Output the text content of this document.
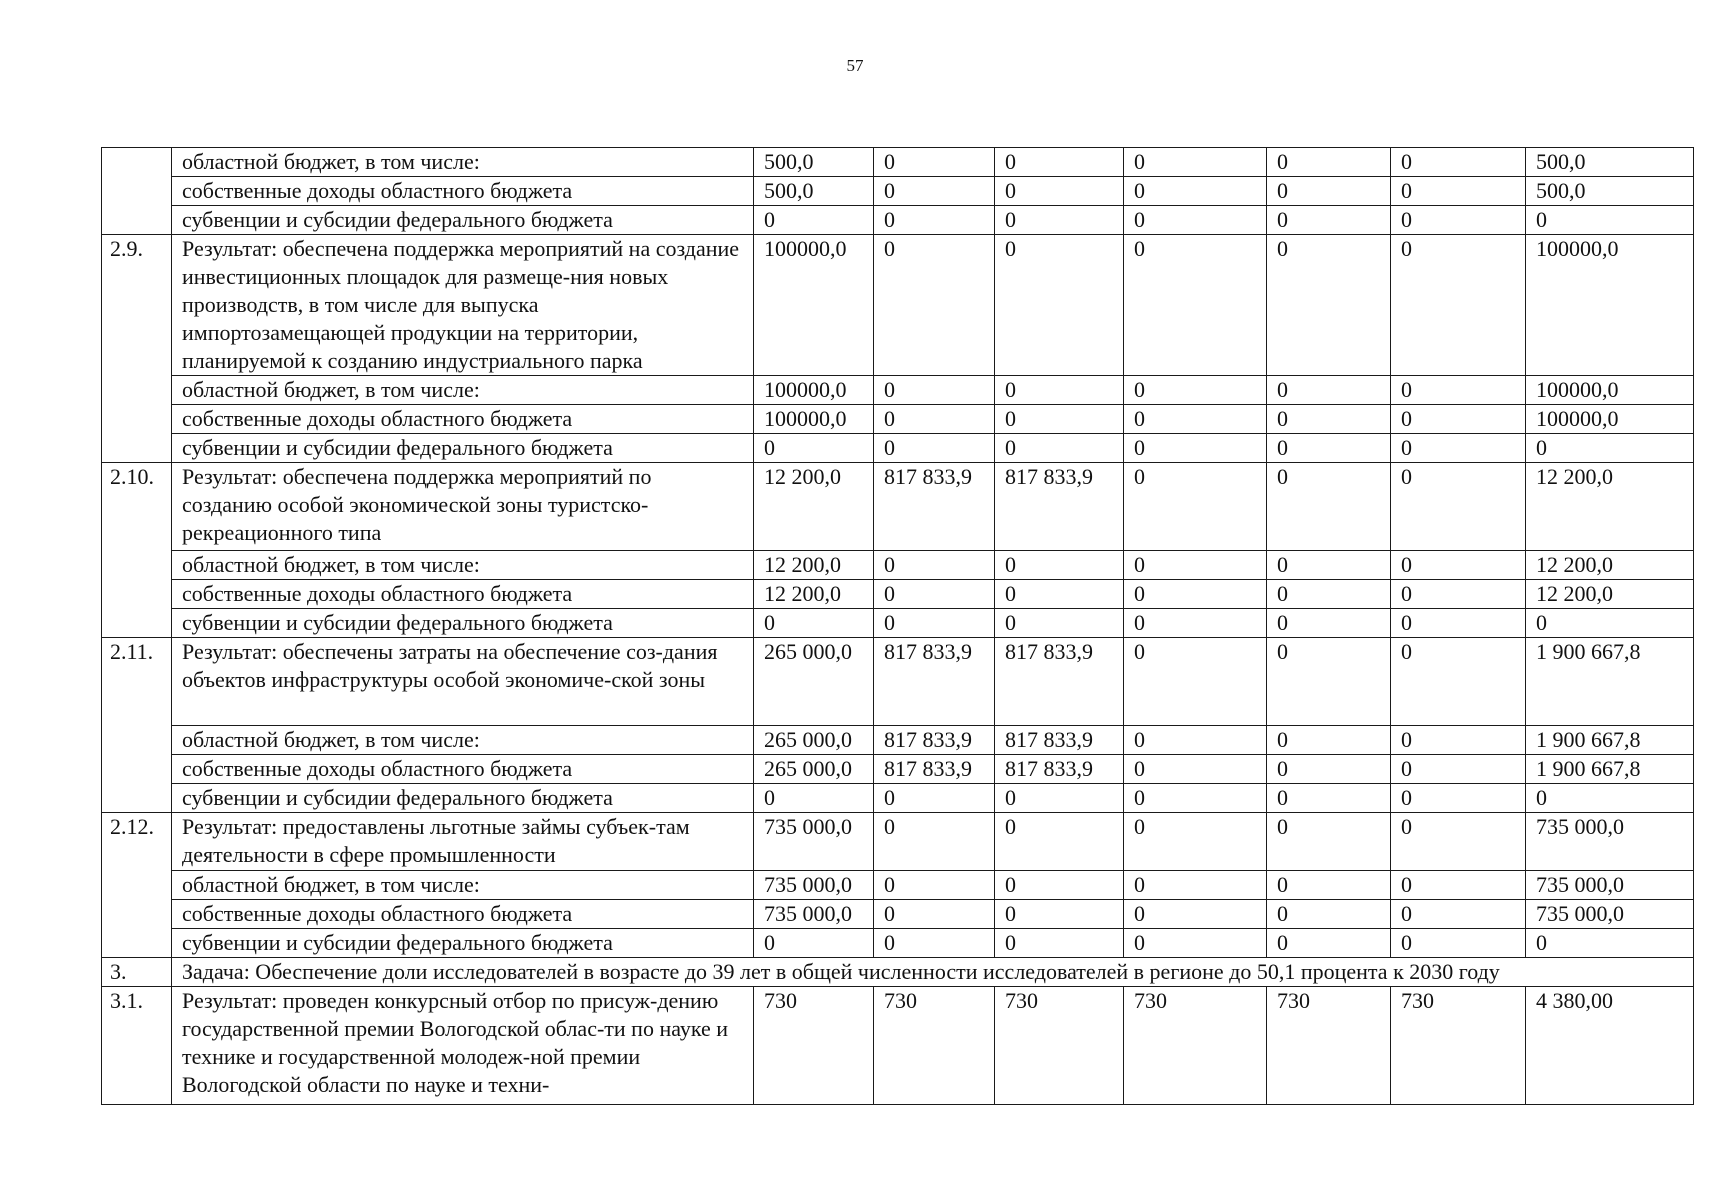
57
	областной бюджет, в том числе:	500,0	0	0	0	0	0	500,0
	собственные доходы областного бюджета	500,0	0	0	0	0	0	500,0
	субвенции и субсидии федерального бюджета	0	0	0	0	0	0	0
2.9.	Результат: обеспечена поддержка мероприятий на создание инвестиционных площадок для размеще-ния новых производств, в том числе для выпуска импортозамещающей продукции на территории, планируемой к созданию индустриального парка	100000,0	0	0	0	0	0	100000,0
	областной бюджет, в том числе:	100000,0	0	0	0	0	0	100000,0
	собственные доходы областного бюджета	100000,0	0	0	0	0	0	100000,0
	субвенции и субсидии федерального бюджета	0	0	0	0	0	0	0
2.10.	Результат: обеспечена поддержка мероприятий по созданию особой экономической зоны туристско-рекреационного типа	12 200,0	817 833,9	817 833,9	0	0	0	12 200,0
	областной бюджет, в том числе:	12 200,0	0	0	0	0	0	12 200,0
	собственные доходы областного бюджета	12 200,0	0	0	0	0	0	12 200,0
	субвенции и субсидии федерального бюджета	0	0	0	0	0	0	0
2.11.	Результат: обеспечены затраты на обеспечение соз-дания объектов инфраструктуры особой экономиче-ской зоны	265 000,0	817 833,9	817 833,9	0	0	0	1 900 667,8
	областной бюджет, в том числе:	265 000,0	817 833,9	817 833,9	0	0	0	1 900 667,8
	собственные доходы областного бюджета	265 000,0	817 833,9	817 833,9	0	0	0	1 900 667,8
	субвенции и субсидии федерального бюджета	0	0	0	0	0	0	0
2.12.	Результат: предоставлены льготные займы субъек-там деятельности в сфере промышленности	735 000,0	0	0	0	0	0	735 000,0
	областной бюджет, в том числе:	735 000,0	0	0	0	0	0	735 000,0
	собственные доходы областного бюджета	735 000,0	0	0	0	0	0	735 000,0
	субвенции и субсидии федерального бюджета	0	0	0	0	0	0	0
3.	Задача: Обеспечение доли исследователей в возрасте до 39 лет в общей численности исследователей в регионе до 50,1 процента к 2030 году							
3.1.	Результат: проведен конкурсный отбор по присуж-дению государственной премии Вологодской облас-ти по науке и технике и государственной молодеж-ной премии Вологодской области по науке и техни-	730	730	730	730	730	730	4 380,00
